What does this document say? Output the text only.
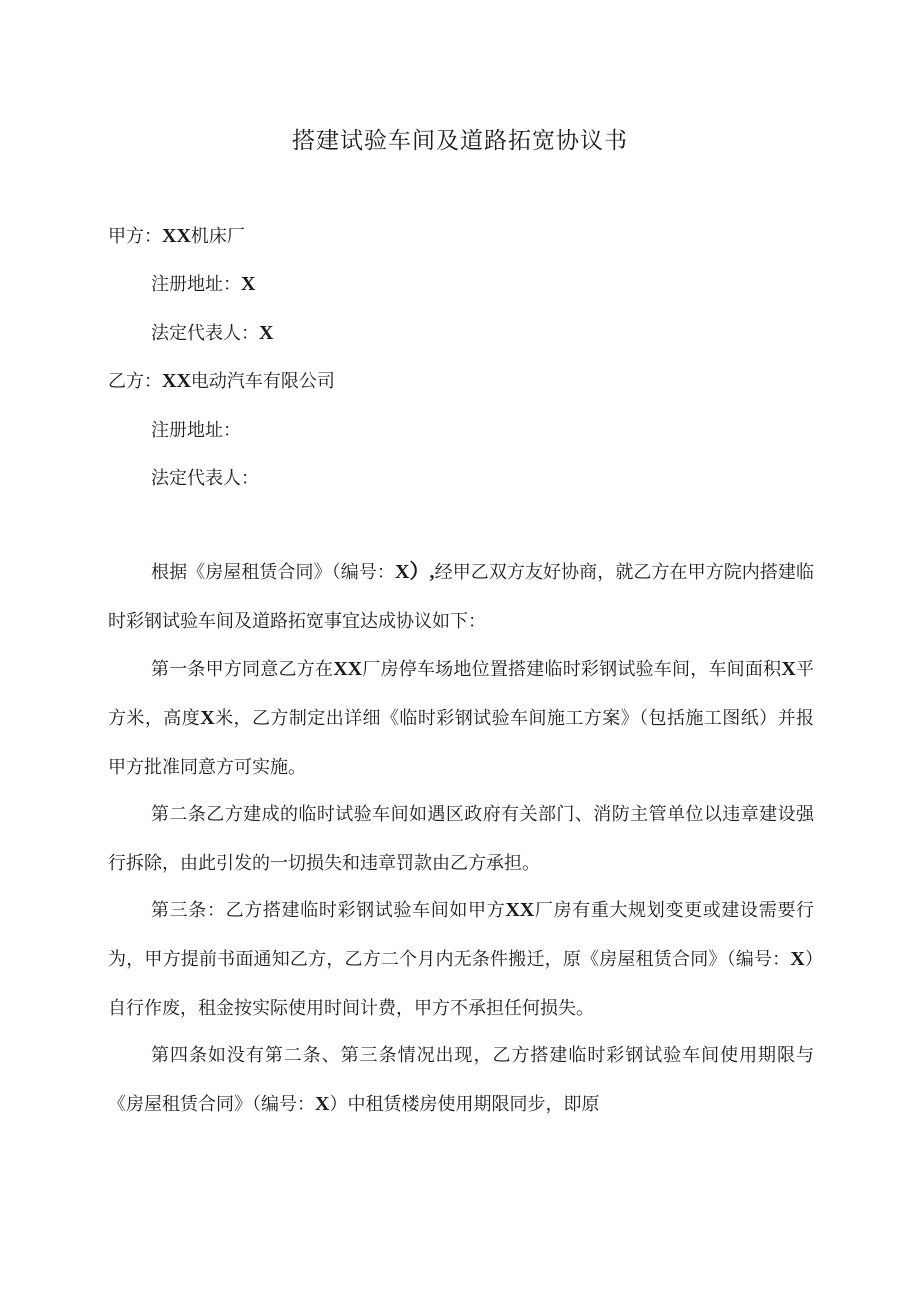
搭建试验车间及道路拓宽协议书
甲方：XX机床厂
注册地址：X
法定代表人：X
乙方：XX电动汽车有限公司
注册地址：
法定代表人：
根据《房屋租赁合同》（编号：X）,经甲乙双方友好协商，就乙方在甲方院内搭建临时彩钢试验车间及道路拓宽事宜达成协议如下：
第一条甲方同意乙方在XX厂房停车场地位置搭建临时彩钢试验车间，车间面积X平方米，高度X米，乙方制定出详细《临时彩钢试验车间施工方案》（包括施工图纸）并报甲方批准同意方可实施。
第二条乙方建成的临时试验车间如遇区政府有关部门、消防主管单位以违章建设强行拆除，由此引发的一切损失和违章罚款由乙方承担。
第三条：乙方搭建临时彩钢试验车间如甲方XX厂房有重大规划变更或建设需要行为，甲方提前书面通知乙方，乙方二个月内无条件搬迁，原《房屋租赁合同》（编号：X）自行作废，租金按实际使用时间计费，甲方不承担任何损失。
第四条如没有第二条、第三条情况出现，乙方搭建临时彩钢试验车间使用期限与《房屋租赁合同》（编号：X）中租赁楼房使用期限同步，即原
